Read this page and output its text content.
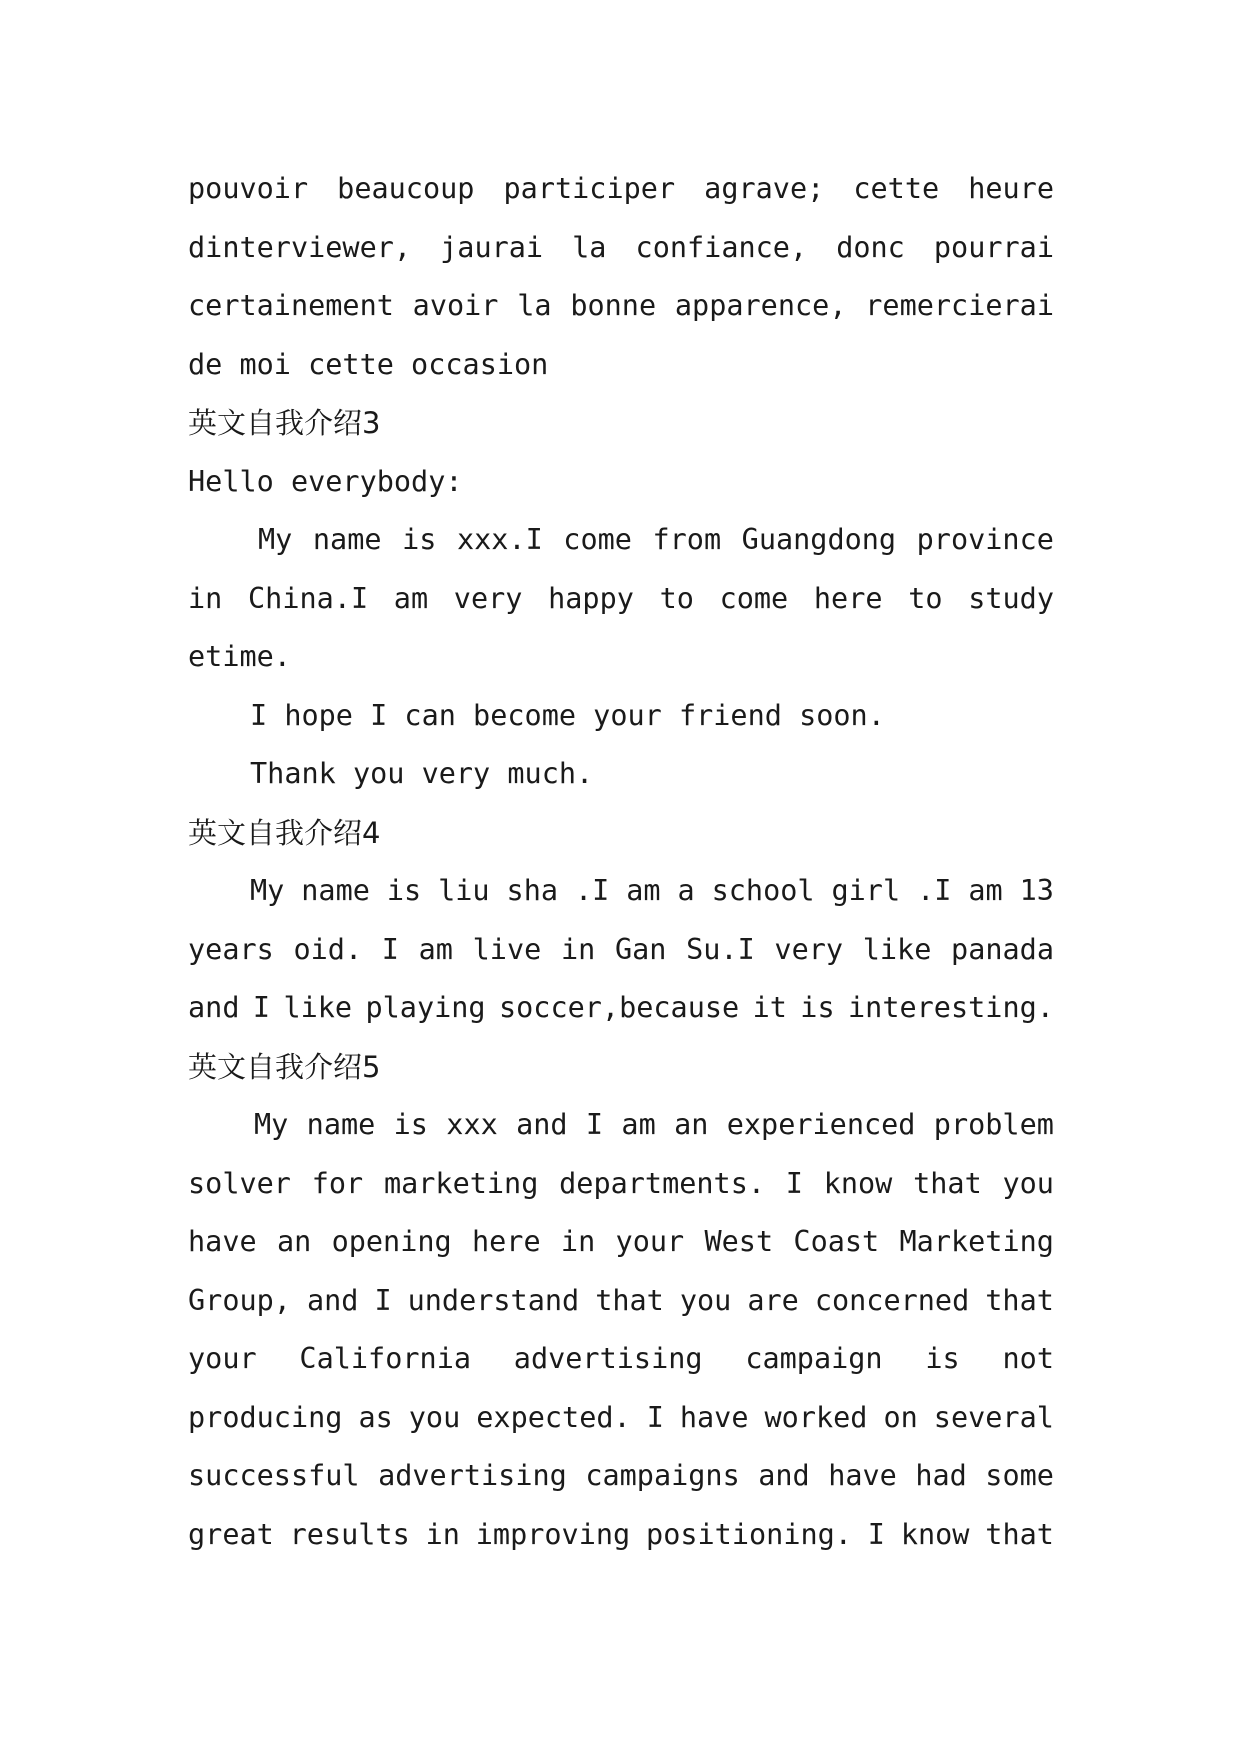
pouvoir beaucoup participer agrave; cette heure
dinterviewer, jaurai la confiance, donc pourrai
certainement avoir la bonne apparence, remercierai
de moi cette occasion
英文自我介绍3
Hello everybody:
My name is xxx.I come from Guangdong province
in China.I am very happy to come here to study
etime.
I hope I can become your friend soon.
Thank you very much.
英文自我介绍4
My name is liu sha .I am a school girl .I am 13
years oid. I am live in Gan Su.I very like panada
and I like playing soccer,because it is interesting.
英文自我介绍5
My name is xxx and I am an experienced problem
solver for marketing departments. I know that you
have an opening here in your West Coast Marketing
Group, and I understand that you are concerned that
your California advertising campaign is not
producing as you expected. I have worked on several
successful advertising campaigns and have had some
great results in improving positioning. I know that
